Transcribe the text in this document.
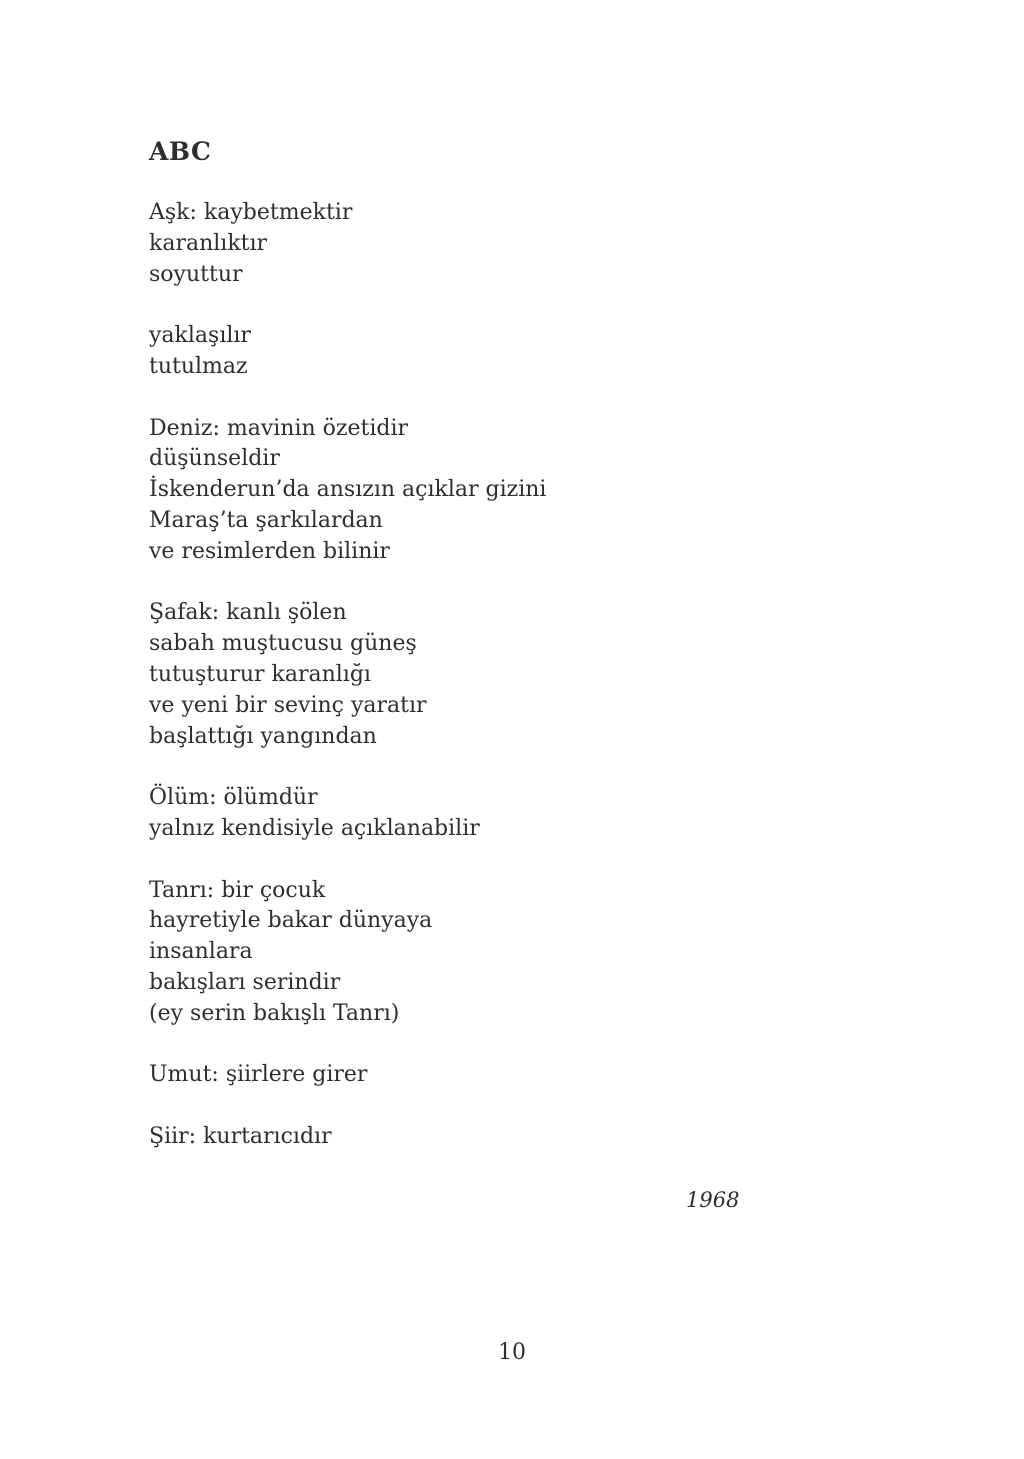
ABC
Aşk: kaybetmektir
karanlıktır
soyuttur
yaklaşılır
tutulmaz
Deniz: mavinin özetidir
düşünseldir
İskenderun’da ansızın açıklar gizini
Maraş’ta şarkılardan
ve resimlerden bilinir
Şafak: kanlı şölen
sabah muştucusu güneş
tutuşturur karanlığı
ve yeni bir sevinç yaratır
başlattığı yangından
Ölüm: ölümdür
yalnız kendisiyle açıklanabilir
Tanrı: bir çocuk
hayretiyle bakar dünyaya
insanlara
bakışları serindir
(ey serin bakışlı Tanrı)
Umut: şiirlere girer
Şiir: kurtarıcıdır
1968
10
